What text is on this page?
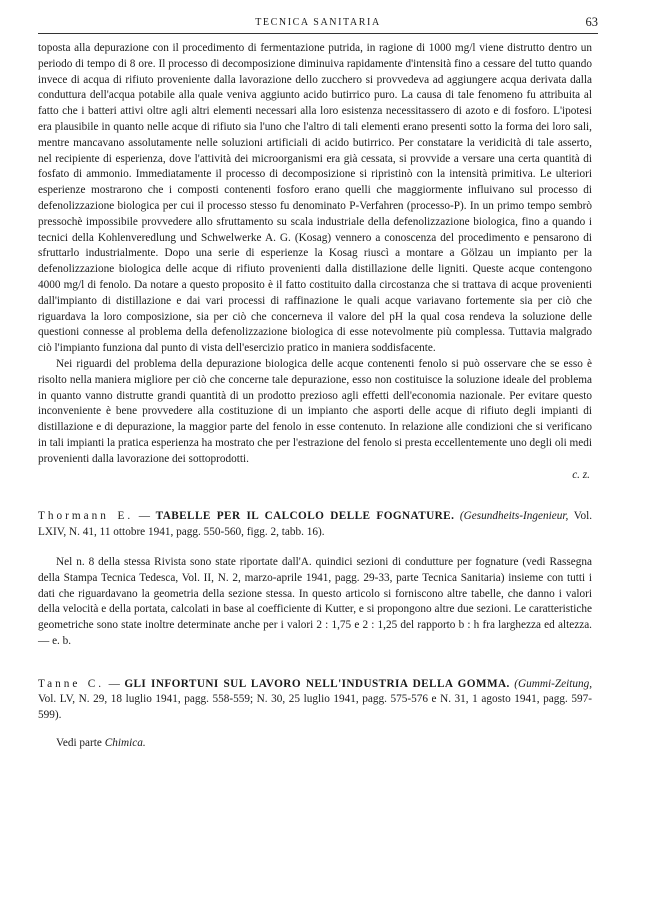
TECNICA SANITARIA	63

toposta alla depurazione con il procedimento di fermentazione putrida, in ragione di 1000 mg/l viene distrutto dentro un periodo di tempo di 8 ore. Il processo di decomposizione diminuiva rapidamente d'intensità fino a cessare del tutto quando invece di acqua di rifiuto proveniente dalla lavorazione dello zucchero si provvedeva ad aggiungere acqua derivata dalla condutturа dell'acqua potabile alla quale veniva aggiunto acido butirrico puro. La causa di tale fenomeno fu attribuita al fatto che i batteri attivi oltre agli altri elementi necessari alla loro esistenza necessitassero di azoto e di fosforo. L'ipotesi era plausibile in quanto nelle acque di rifiuto sia l'uno che l'altro di tali elementi erano presenti sotto la forma dei loro sali, mentre mancavano assolutamente nelle soluzioni artificiali di acido butirrico. Per constatare la veridicità di tale asserto, nel recipiente di esperienza, dove l'attività dei microorganismi era già cessata, si provvide a versare una certa quantità di fosfato di ammonio. Immediatamente il processo di decomposizione si ripristinò con la intensità primitiva. Le ulteriori esperienze mostrarono che i composti contenenti fosforo erano quelli che maggiormente influivano sul processo di defenolizzazione biologica per cui il processo stesso fu denominato P-Verfahren (processo-P). In un primo tempo sembrò pressochè impossibile provvedere allo sfruttamento su scala industriale della defenolizzazione biologica, fino a quando i tecnici della Kohlenveredlung und Schwelwerke A. G. (Kosag) vennero a conoscenza del procedimento e pensarono di sfruttarlo industrialmente. Dopo una serie di esperienze la Kosag riuscì a montare a Gölzau un impianto per la defenolizzazione biologica delle acque di rifiuto provenienti dalla distillazione delle ligniti. Queste acque contengono 4000 mg/l di fenolo. Da notare a questo proposito è il fatto costituito dalla circostanza che si trattava di acque provenienti dall'impianto di distillazione e dai vari processi di raffinazione le quali acque variavano fortemente sia per ciò che riguardava la loro composizione, sia per ciò che concerneva il valore del pH la qual cosa rendeva la soluzione delle questioni connesse al problema della defenolizzazione biologica di esse notevolmente più complessa. Tuttavia malgrado ciò l'impianto funziona dal punto di vista dell'esercizio pratico in maniera soddisfacente.

Nei riguardi del problema della depurazione biologica delle acque contenenti fenolo si può osservare che se esso è risolto nella maniera migliore per ciò che concerne tale depurazione, esso non costituisce la soluzione ideale del problema in quanto vanno distrutte grandi quantità di un prodotto prezioso agli effetti dell'economia nazionale. Per evitare questo inconveniente è bene provvedere alla costituzione di un impianto che asporti delle acque di rifiuto degli impianti di distillazione e di depurazione, la maggior parte del fenolo in esse contenuto. In relazione alle condizioni che si verificano in tali impianti la pratica esperienza ha mostrato che per l'estrazione del fenolo si presta eccellentemente uno degli oli medi provenienti dalla lavorazione dei sottoprodotti.

c. z.

Thormann E. — TABELLE PER IL CALCOLO DELLE FOGNATURE. (Gesundheits-Ingenieur, Vol. LXIV, N. 41, 11 ottobre 1941, pagg. 550-560, figg. 2, tabb. 16).

Nel n. 8 della stessa Rivista sono state riportate dall'A. quindici sezioni di condutture per fognature (vedi Rassegna della Stampa Tecnica Tedesca, Vol. II, N. 2, marzo-aprile 1941, pagg. 29-33, parte Tecnica Sanitaria) insieme con tutti i dati che riguardavano la geometria della sezione stessa. In questo articolo si forniscono altre tabelle, che danno i valori della velocità e della portata, calcolati in base al coefficiente di Kutter, e si propongono altre due sezioni. Le caratteristiche geometriche sono state inoltre determinate anche per i valori 2 : 1,75 e 2 : 1,25 del rapporto b : h fra larghezza ed altezza. — e. b.

Tanne C. — GLI INFORTUNI SUL LAVORO NELL'INDUSTRIA DELLA GOMMA. (Gummi-Zeitung, Vol. LV, N. 29, 18 luglio 1941, pagg. 558-559; N. 30, 25 luglio 1941, pagg. 575-576 e N. 31, 1 agosto 1941, pagg. 597-599).

Vedi parte Chimica.
